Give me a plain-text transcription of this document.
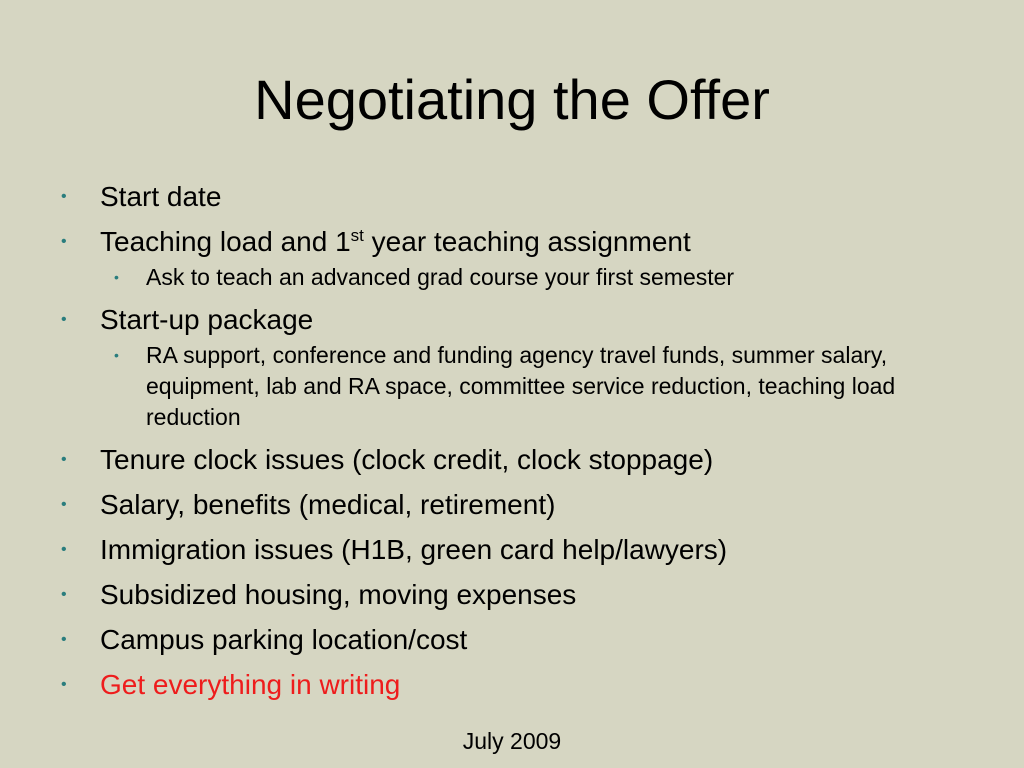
Negotiating the Offer
• Start date
• Teaching load and 1st year teaching assignment
• Ask to teach an advanced grad course your first semester
• Start-up package
• RA support, conference and funding agency travel funds, summer salary, equipment, lab and RA space, committee service reduction, teaching load reduction
• Tenure clock issues (clock credit, clock stoppage)
• Salary, benefits (medical, retirement)
• Immigration issues (H1B, green card help/lawyers)
• Subsidized housing, moving expenses
• Campus parking location/cost
• Get everything in writing
July 2009
